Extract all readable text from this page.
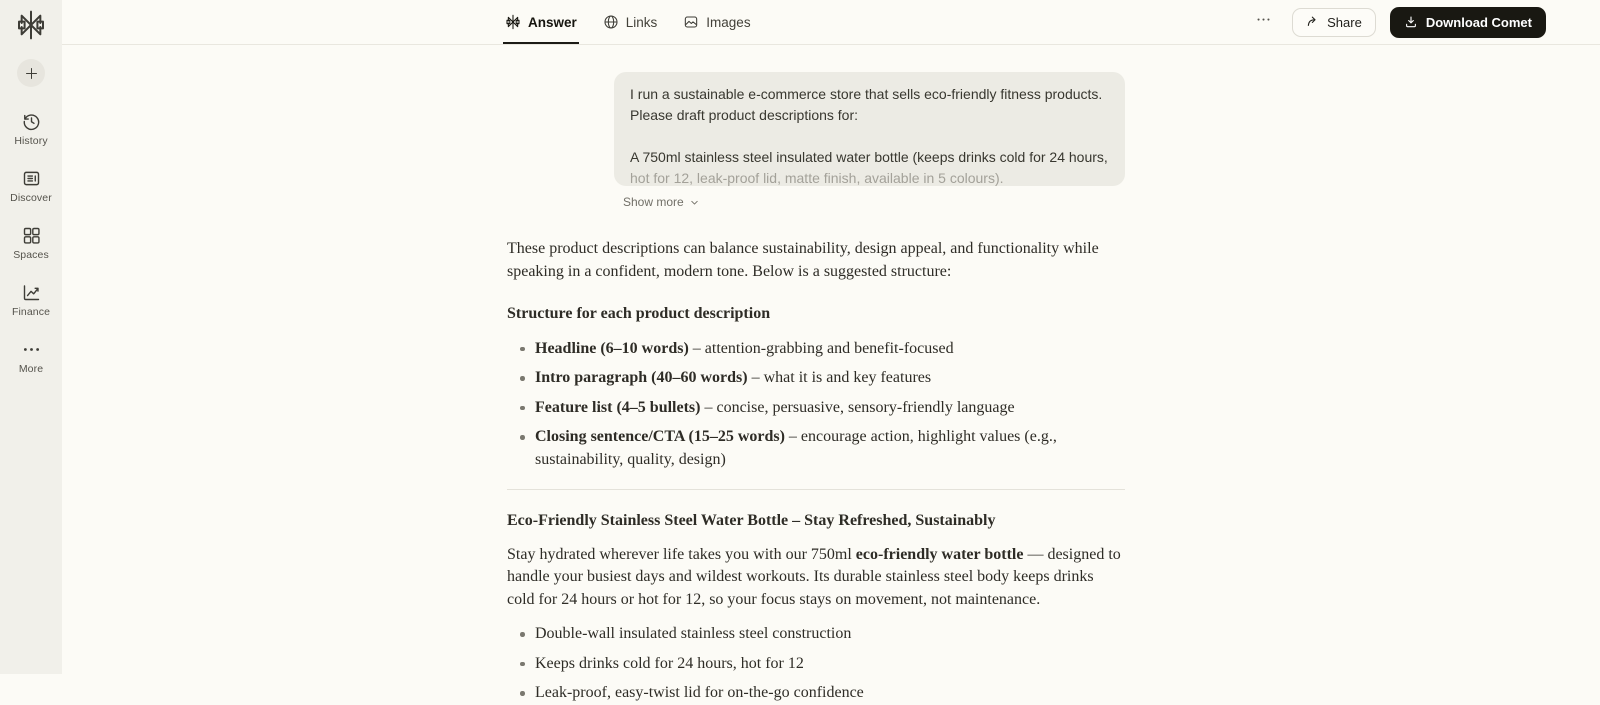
History
Discover
Spaces
Finance
More
Answer	Links	Images	Share	Download Comet
I run a sustainable e-commerce store that sells eco-friendly fitness products. Please draft product descriptions for:
A 750ml stainless steel insulated water bottle (keeps drinks cold for 24 hours,
hot for 12, leak-proof lid, matte finish, available in 5 colours).
Show more
These product descriptions can balance sustainability, design appeal, and functionality while speaking in a confident, modern tone. Below is a suggested structure:
Structure for each product description
Headline (6–10 words) – attention-grabbing and benefit-focused
Intro paragraph (40–60 words) – what it is and key features
Feature list (4–5 bullets) – concise, persuasive, sensory-friendly language
Closing sentence/CTA (15–25 words) – encourage action, highlight values (e.g., sustainability, quality, design)
Eco-Friendly Stainless Steel Water Bottle – Stay Refreshed, Sustainably
Stay hydrated wherever life takes you with our 750ml eco-friendly water bottle — designed to handle your busiest days and wildest workouts. Its durable stainless steel body keeps drinks cold for 24 hours or hot for 12, so your focus stays on movement, not maintenance.
Double-wall insulated stainless steel construction
Keeps drinks cold for 24 hours, hot for 12
Leak-proof, easy-twist lid for on-the-go confidence
